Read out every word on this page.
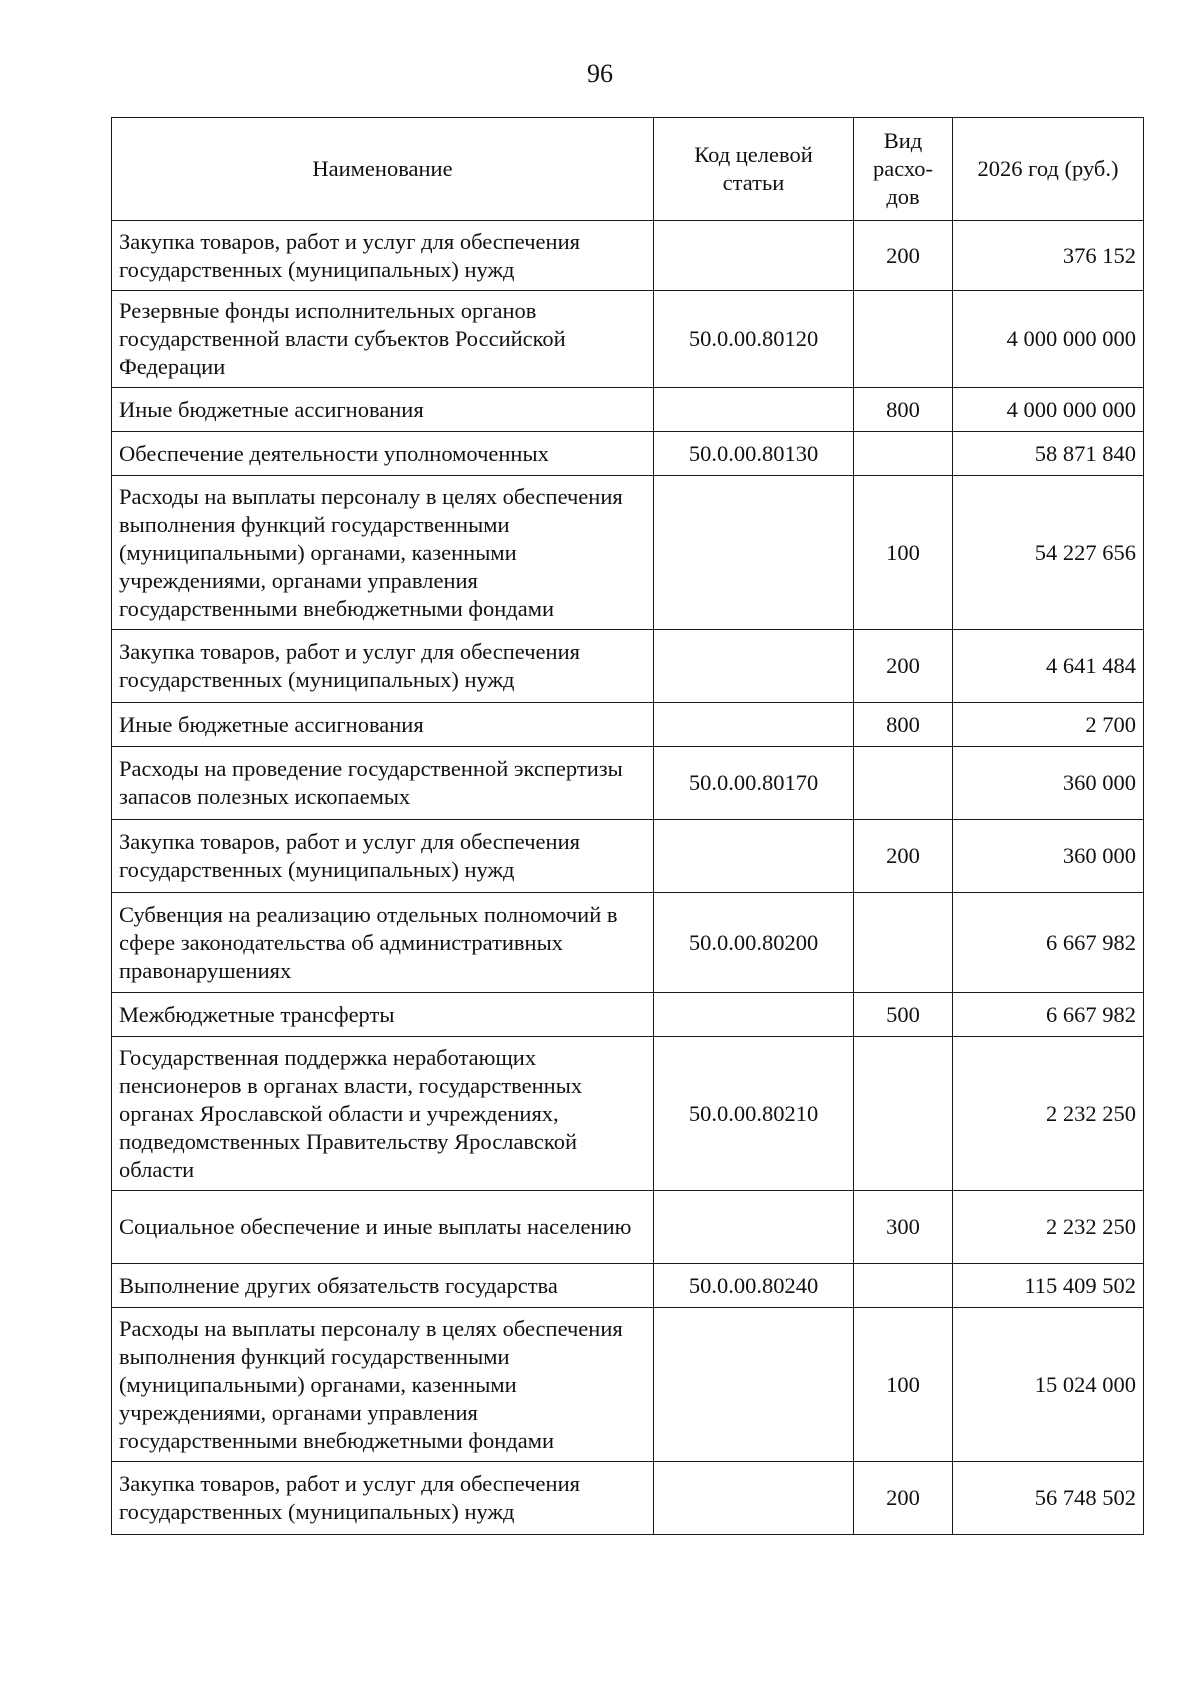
96
Наименование	Код целевой статьи	Вид расхо-дов	2026 год (руб.)
Закупка товаров, работ и услуг для обеспечения государственных (муниципальных) нужд		200	376 152
Резервные фонды исполнительных органов государственной власти субъектов Российской Федерации	50.0.00.80120		4 000 000 000
Иные бюджетные ассигнования		800	4 000 000 000
Обеспечение деятельности уполномоченных	50.0.00.80130		58 871 840
Расходы на выплаты персоналу в целях обеспечения выполнения функций государственными (муниципальными) органами, казенными учреждениями, органами управления государственными внебюджетными фондами		100	54 227 656
Закупка товаров, работ и услуг для обеспечения государственных (муниципальных) нужд		200	4 641 484
Иные бюджетные ассигнования		800	2 700
Расходы на проведение государственной экспертизы запасов полезных ископаемых	50.0.00.80170		360 000
Закупка товаров, работ и услуг для обеспечения государственных (муниципальных) нужд		200	360 000
Субвенция на реализацию отдельных полномочий в сфере законодательства об административных правонарушениях	50.0.00.80200		6 667 982
Межбюджетные трансферты		500	6 667 982
Государственная поддержка неработающих пенсионеров в органах власти, государственных органах Ярославской области и учреждениях, подведомственных Правительству Ярославской области	50.0.00.80210		2 232 250
Социальное обеспечение и иные выплаты населению		300	2 232 250
Выполнение других обязательств государства	50.0.00.80240		115 409 502
Расходы на выплаты персоналу в целях обеспечения выполнения функций государственными (муниципальными) органами, казенными учреждениями, органами управления государственными внебюджетными фондами		100	15 024 000
Закупка товаров, работ и услуг для обеспечения государственных (муниципальных) нужд		200	56 748 502
